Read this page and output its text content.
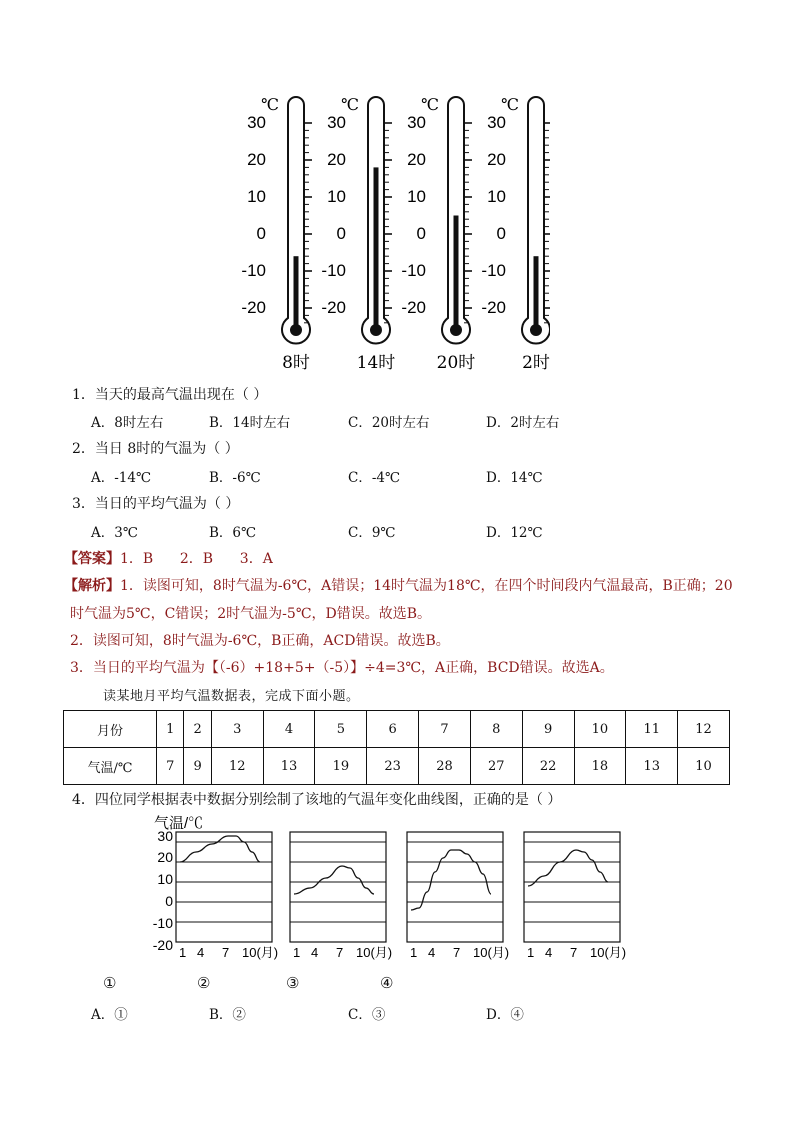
℃
30
20
10
0
-10
-20
8时
℃
30
20
10
0
-10
-20
14时
℃
30
20
10
0
-10
-20
20时
℃
30
20
10
0
-10
-20
2时
1．当天的最高气温出现在（ ）
A．8时左右	B．14时左右	C．20时左右	D．2时左右
2．当日 8时的气温为（ ）
A．-14℃	B．-6℃	C．-4℃	D．14℃
3．当日的平均气温为（ ）
A．3℃	B．6℃	C．9℃	D．12℃
【答案】1．B      2．B      3．A
【解析】1．读图可知，8时气温为-6℃，A错误；14时气温为18℃，在四个时间段内气温最高，B正确；20
时气温为5℃，C错误；2时气温为-5℃，D错误。故选B。
2．读图可知，8时气温为-6℃，B正确，ACD错误。故选B。
3．当日的平均气温为【（-6）+18+5+（-5）】÷4=3℃，A正确，BCD错误。故选A。
读某地月平均气温数据表，完成下面小题。
月份	1	2	3	4	5	6	7	8	9	10	11	12
气温/℃	7	9	12	13	19	23	28	27	22	18	13	10
4．四位同学根据表中数据分别绘制了该地的气温年变化曲线图，正确的是（ ）
气温/℃
30
20
10
0
-10
-20 1 4 7 10(月) 1 4 7 10(月) 1 4 7 10(月) 1 4 7 10(月)
①	②	③	④
A．①	B．②	C．③	D．④
